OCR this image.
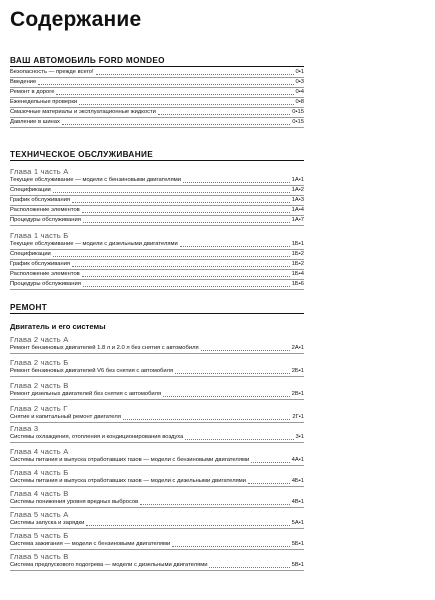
Содержание
ВАШ АВТОМОБИЛЬ FORD MONDEO
Безопасность — прежде всего!	0•1
Введение	0•3
Ремонт в дороге	0•4
Еженедельные проверки	0•8
Смазочные материалы и эксплуатационные жидкости	0•15
Давление в шинах	0•15
ТЕХНИЧЕСКОЕ ОБСЛУЖИВАНИЕ
Глава 1 часть А
Текущее обслуживание — модели с бензиновыми двигателями	1А•1
Спецификации	1А•2
График обслуживания	1А•3
Расположение элементов	1А•4
Процедуры обслуживания	1А•7
Глава 1 часть Б
Текущее обслуживание — модели с дизельными двигателями	1Б•1
Спецификации	1Б•2
График обслуживания	1Б•2
Расположение элементов	1Б•4
Процедуры обслуживания	1Б•6
РЕМОНТ
Двигатель и его системы
Глава 2 часть А
Ремонт бензиновых двигателей 1.8 л и 2.0 л без снятия с автомобиля	2А•1
Глава 2 часть Б
Ремонт бензиновых двигателей V6 без снятия с автомобиля	2Б•1
Глава 2 часть В
Ремонт дизельных двигателей без снятия с автомобиля	2В•1
Глава 2 часть Г
Снятие и капитальный ремонт двигателя	2Г•1
Глава 3
Системы охлаждения, отопления и кондиционирования воздуха	3•1
Глава 4 часть А
Системы питания и выпуска отработавших газов — модели с бензиновыми двигателями	4А•1
Глава 4 часть Б
Системы питания и выпуска отработавших газов — модели с дизельными двигателями	4Б•1
Глава 4 часть В
Системы понижения уровня вредных выбросов	4В•1
Глава 5 часть А
Системы запуска и зарядки	5А•1
Глава 5 часть Б
Система зажигания — модели с бензиновыми двигателями	5Б•1
Глава 5 часть В
Система предпускового подогрева — модели с дизельными двигателями	5В•1
